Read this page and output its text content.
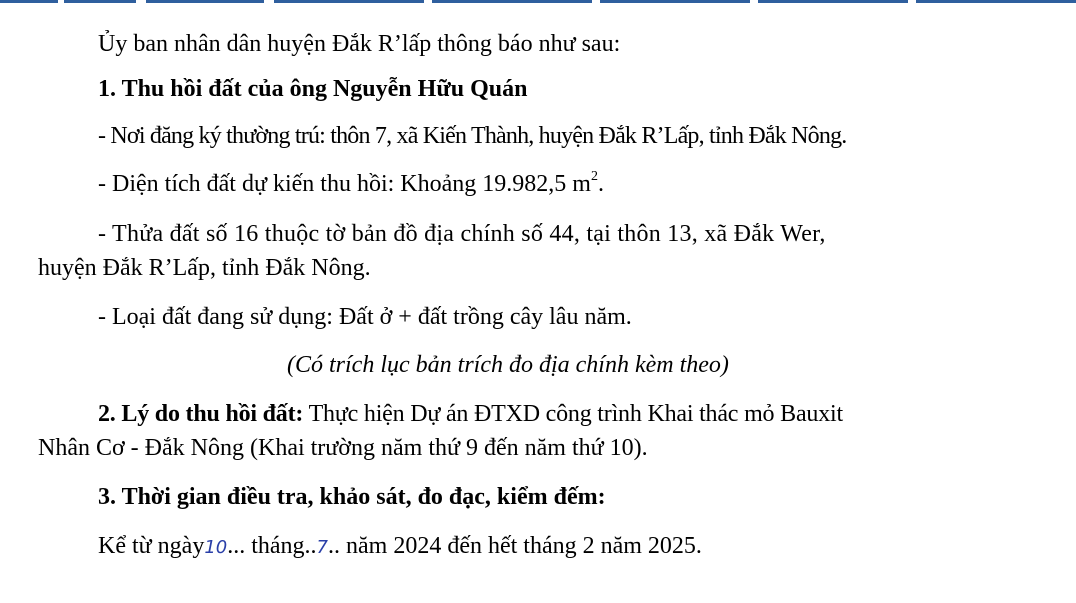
Ủy ban nhân dân huyện Đắk R’lấp thông báo như sau:
1. Thu hồi đất của ông Nguyễn Hữu Quán
- Nơi đăng ký thường trú: thôn 7, xã Kiến Thành, huyện Đắk R’Lấp, tỉnh Đắk Nông.
- Diện tích đất dự kiến thu hồi: Khoảng 19.982,5 $m^2$.
- Thửa đất số 16 thuộc tờ bản đồ địa chính số 44, tại thôn 13, xã Đắk Wer,
huyện Đắk R’Lấp, tỉnh Đắk Nông.
- Loại đất đang sử dụng: Đất ở + đất trồng cây lâu năm.
(Có trích lục bản trích đo địa chính kèm theo)
2. Lý do thu hồi đất: Thực hiện Dự án ĐTXD công trình Khai thác mỏ Bauxit
Nhân Cơ - Đắk Nông (Khai trường năm thứ 9 đến năm thứ 10).
3. Thời gian điều tra, khảo sát, đo đạc, kiểm đếm:
Kể từ ngày10... tháng..7.. năm 2024 đến hết tháng 2 năm 2025.
